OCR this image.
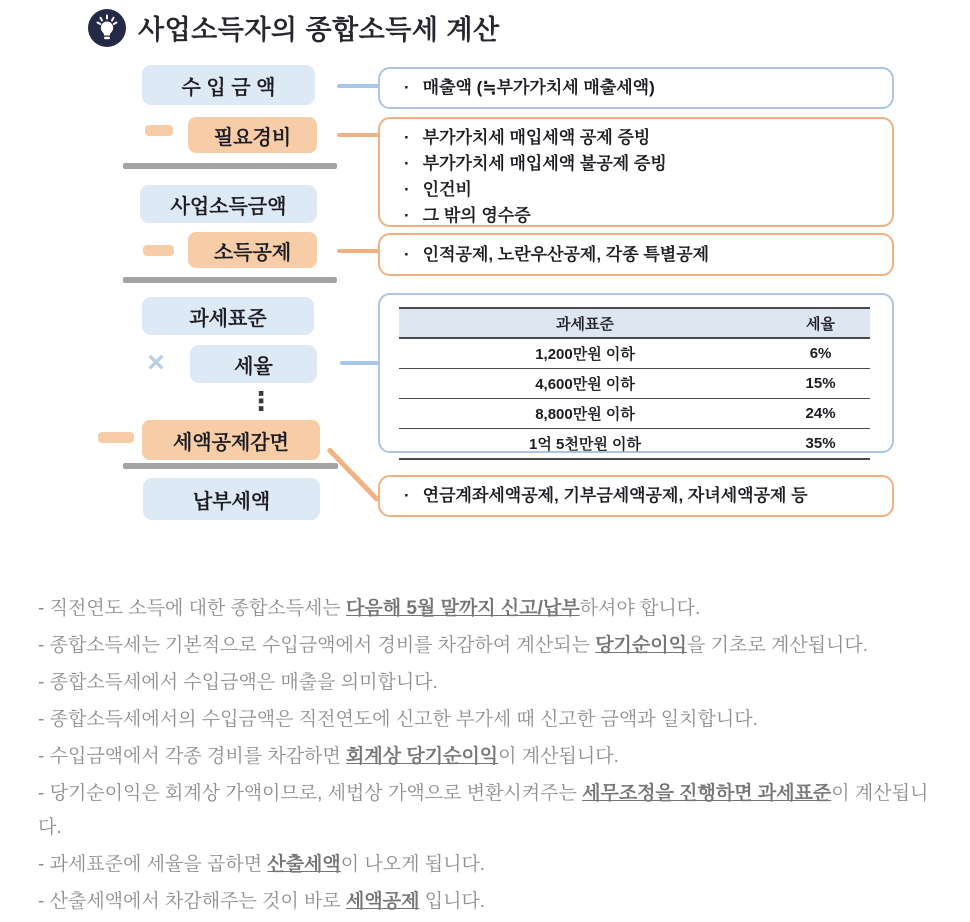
사업소득자의 종합소득세 계산
수 입 금 액
필요경비
사업소득금액
소득공제
과세표준
×	세율
⋮
세액공제감면
납부세액
· 매출액 (≒부가가치세 매출세액)
· 부가가치세 매입세액 공제 증빙
· 부가가치세 매입세액 불공제 증빙
· 인건비
· 그 밖의 영수증
· 인적공제, 노란우산공제, 각종 특별공제
과세표준	세율
1,200만원 이하	6%
4,600만원 이하	15%
8,800만원 이하	24%
1억 5천만원 이하	35%
· 연금계좌세액공제, 기부금세액공제, 자녀세액공제 등

- 직전연도 소득에 대한 종합소득세는 다음해 5월 말까지 신고/납부하셔야 합니다.

- 종합소득세는 기본적으로 수입금액에서 경비를 차감하여 계산되는 당기순이익을 기초로 계산됩니다.

- 종합소득세에서 수입금액은 매출을 의미합니다.

- 종합소득세에서의 수입금액은 직전연도에 신고한 부가세 때 신고한 금액과 일치합니다.

- 수입금액에서 각종 경비를 차감하면 회계상 당기순이익이 계산됩니다.

- 당기순이익은 회계상 가액이므로, 세법상 가액으로 변환시켜주는 세무조정을 진행하면 과세표준이 계산됩니다.

- 과세표준에 세율을 곱하면 산출세액이 나오게 됩니다.

- 산출세액에서 차감해주는 것이 바로 세액공제 입니다.
